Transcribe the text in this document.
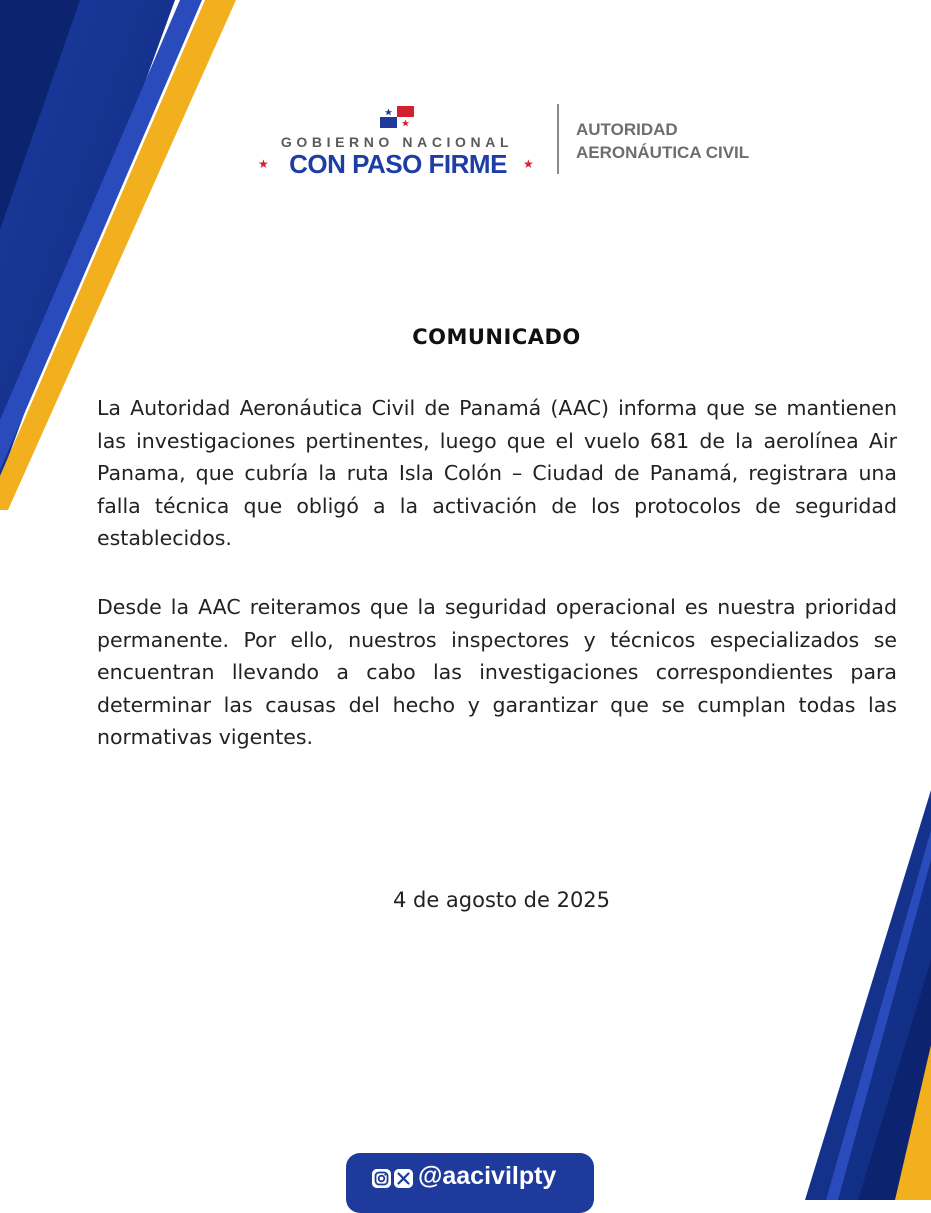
GOBIERNO NACIONAL
★ CON PASO FIRME	★
AUTORIDAD
AERONÁUTICA CIVIL
COMUNICADO

La Autoridad Aeronáutica Civil de Panamá (AAC) informa que se mantienen las investigaciones pertinentes, luego que el vuelo 681 de la aerolínea Air Panama, que cubría la ruta Isla Colón – Ciudad de Panamá, registrara una falla técnica que obligó a la activación de los protocolos de seguridad establecidos.

Desde la AAC reiteramos que la seguridad operacional es nuestra prioridad permanente. Por ello, nuestros inspectores y técnicos especializados se encuentran llevando a cabo las investigaciones correspondientes para determinar las causas del hecho y garantizar que se cumplan todas las normativas vigentes.

4 de agosto de 2025
@aacivilpty
